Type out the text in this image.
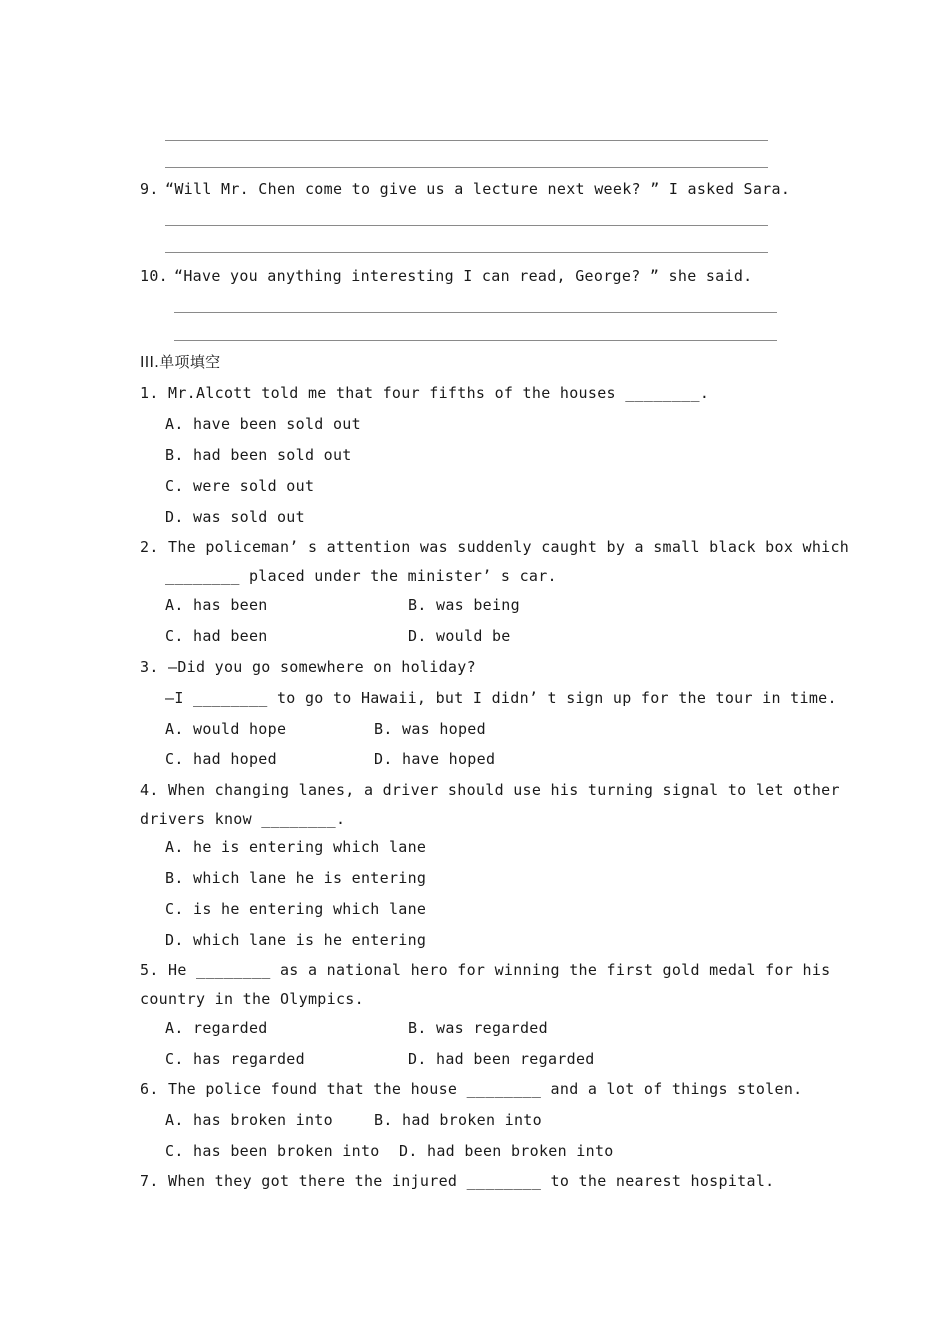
9. “Will Mr. Chen come to give us a lecture next week? ” I asked Sara.
10. “Have you anything interesting I can read, George? ” she said.
III.单项填空
1. Mr.Alcott told me that four fifths of the houses ________.
A. have been sold out
B. had been sold out
C. were sold out
D. was sold out
2. The policeman’ s attention was suddenly caught by a small black box which
________ placed under the minister’ s car.
A. has been	B. was being
C. had been	D. would be
3. —Did you go somewhere on holiday?
—I ________ to go to Hawaii, but I didn’ t sign up for the tour in time.
A. would hope	B. was hoped
C. had hoped	D. have hoped
4. When changing lanes, a driver should use his turning signal to let other
drivers know ________.
A. he is entering which lane
B. which lane he is entering
C. is he entering which lane
D. which lane is he entering
5. He ________ as a national hero for winning the first gold medal for his
country in the Olympics.
A. regarded	B. was regarded
C. has regarded	D. had been regarded
6. The police found that the house ________ and a lot of things stolen.
A. has broken into	B. had broken into
C. has been broken into D. had been broken into
7. When they got there the injured ________ to the nearest hospital.
